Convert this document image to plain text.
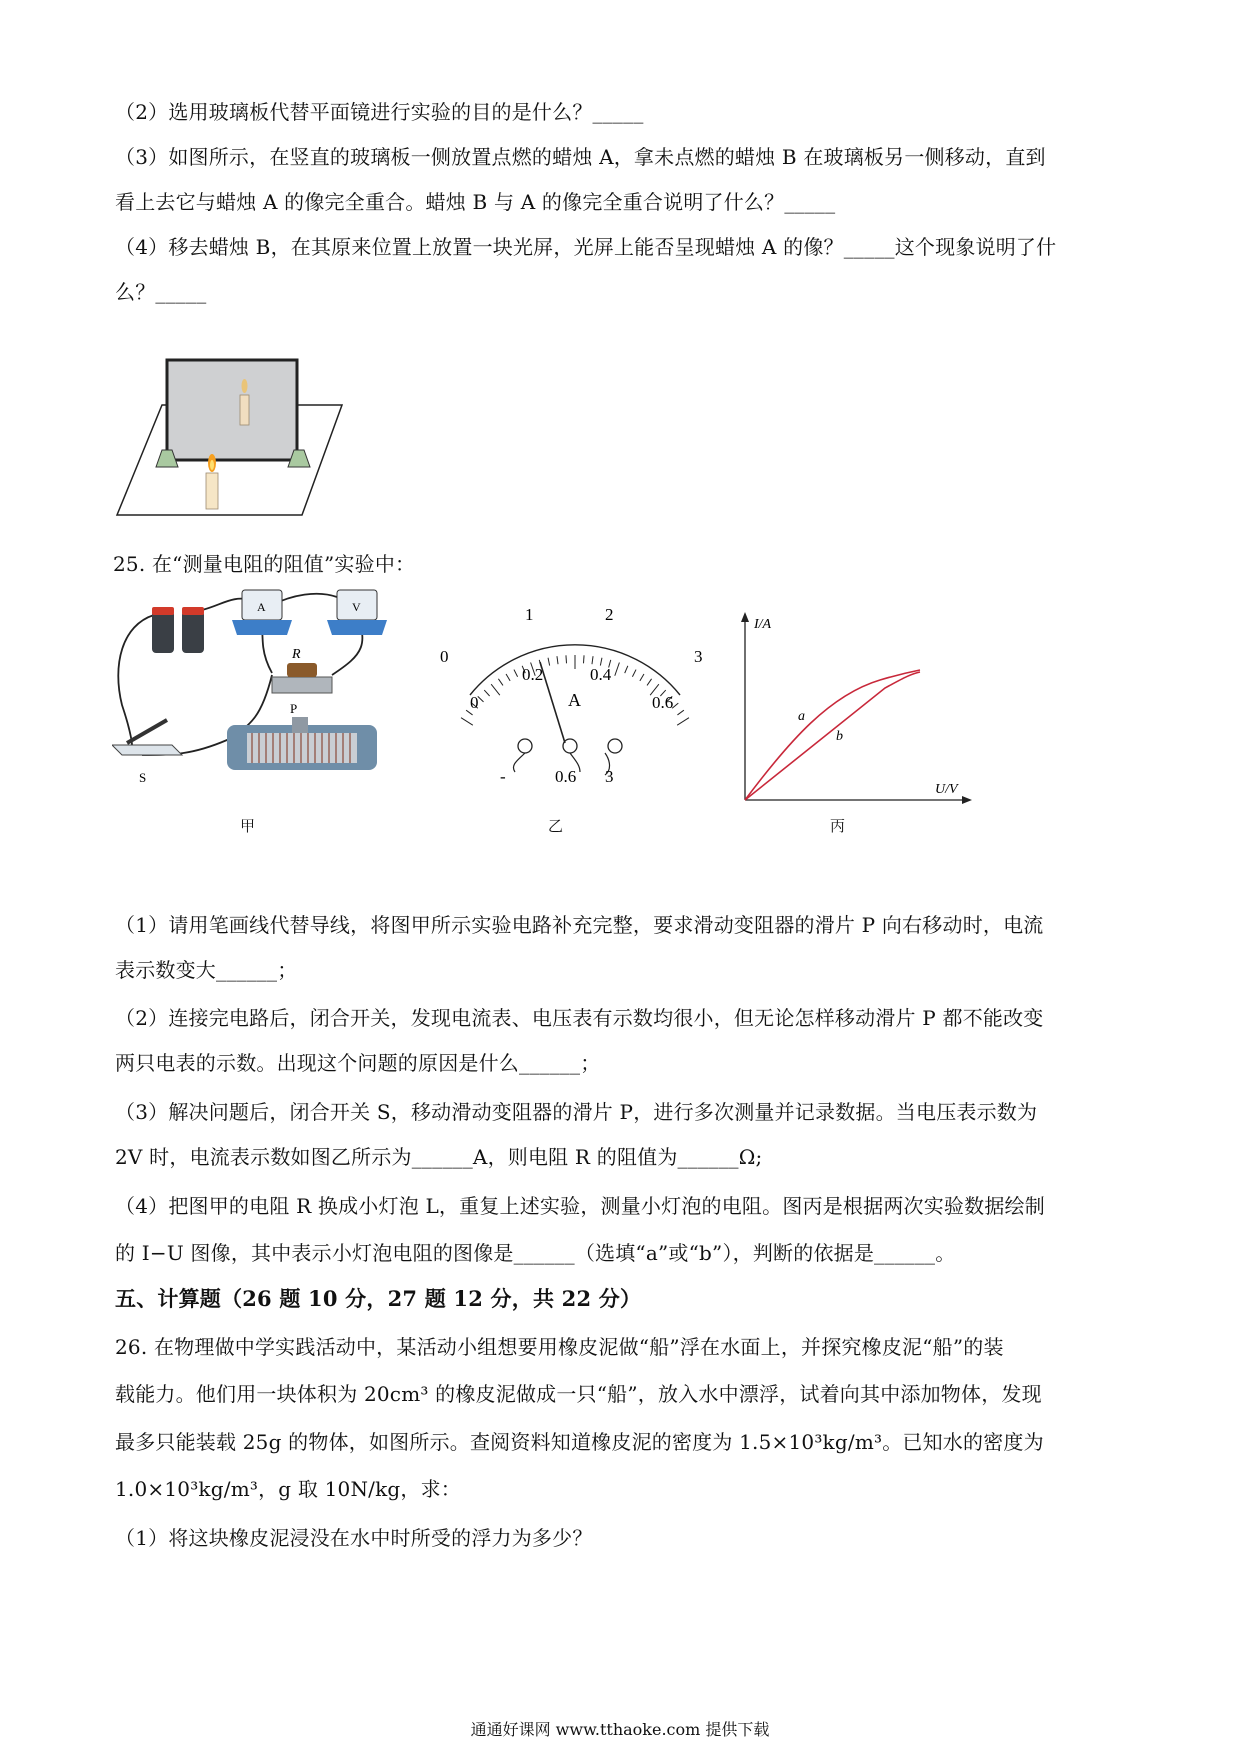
（2）选用玻璃板代替平面镜进行实验的目的是什么？_____
（3）如图所示，在竖直的玻璃板一侧放置点燃的蜡烛 A，拿未点燃的蜡烛 B 在玻璃板另一侧移动，直到
看上去它与蜡烛 A 的像完全重合。蜡烛 B 与 A 的像完全重合说明了什么？_____
（4）移去蜡烛 B，在其原来位置上放置一块光屏，光屏上能否呈现蜡烛 A 的像？_____这个现象说明了什
么？_____
25. 在“测量电阻的阻值”实验中：
A	V
R
S
P
甲
0
1	2
3
0
0.2	0.4
0.6
A
-	0.6 3
乙
I/A
U/V
a
b
丙
（1）请用笔画线代替导线，将图甲所示实验电路补充完整，要求滑动变阻器的滑片 P 向右移动时，电流
表示数变大______；
（2）连接完电路后，闭合开关，发现电流表、电压表有示数均很小，但无论怎样移动滑片 P 都不能改变
两只电表的示数。出现这个问题的原因是什么______；
（3）解决问题后，闭合开关 S，移动滑动变阻器的滑片 P，进行多次测量并记录数据。当电压表示数为
2V 时，电流表示数如图乙所示为______A，则电阻 R 的阻值为______Ω;
（4）把图甲的电阻 R 换成小灯泡 L，重复上述实验，测量小灯泡的电阻。图丙是根据两次实验数据绘制
的 I−U 图像，其中表示小灯泡电阻的图像是______（选填“a”或“b”），判断的依据是______。
五、计算题（26 题 10 分，27 题 12 分，共 22 分）
26. 在物理做中学实践活动中，某活动小组想要用橡皮泥做“船”浮在水面上，并探究橡皮泥“船”的装
载能力。他们用一块体积为 20cm³ 的橡皮泥做成一只“船”，放入水中漂浮，试着向其中添加物体，发现
最多只能装载 25g 的物体，如图所示。查阅资料知道橡皮泥的密度为 1.5×10³kg/m³。已知水的密度为
1.0×10³kg/m³，g 取 10N/kg，求：
（1）将这块橡皮泥浸没在水中时所受的浮力为多少？
通通好课网 www.tthaoke.com 提供下载
